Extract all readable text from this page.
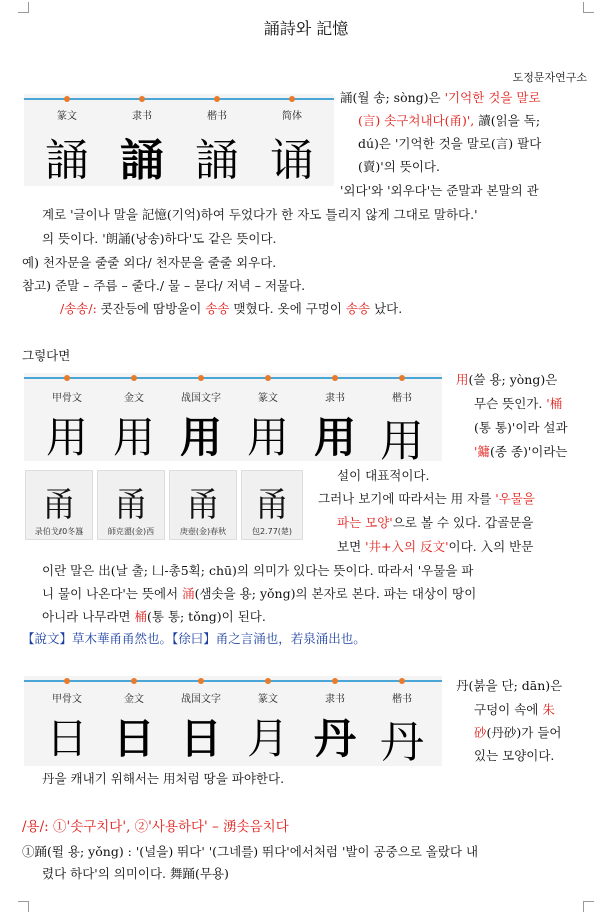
誦詩와 記憶
도정문자연구소
篆文	隶书	楷书	简体
誦 誦 誦 诵
誦(월 송; sòng)은 '기억한 것을 말로
(言) 솟구쳐내다(甬)', 讀(읽을 독;
dú)은 '기억한 것을 말로(言) 팔다
(賣)'의 뜻이다.
'외다'와 '외우다'는 준말과 본말의 관
계로 '글이나 말을 記憶(기억)하여 두었다가 한 자도 틀리지 않게 그대로 말하다.'
의 뜻이다. '朗誦(낭송)하다'도 같은 뜻이다.
예) 천자문을 줄줄 외다/ 천자문을 줄줄 외우다.
참고) 준말 – 주름 – 줄다./ 물 – 묻다/ 저녁 – 저물다.
/송송/: 콧잔등에 땀방울이 송송 맺혔다. 옷에 구멍이 송송 났다.
그렇다면
甲骨文	金文	战国文字	篆文	隶书	楷书
用 用 用 用 用 用
甬
录伯戈ℓ0冬簋
甬
師克盨(金)西
甬
庚壺(金)春秋
甬
包2.77(楚)
用(쓸 용; yòng)은
무슨 뜻인가. '桶
(통 통)'이라 설과
'鏞(종 종)'이라는
설이 대표적이다.
그러나 보기에 따라서는 用 자를 '우물을
파는 모양'으로 볼 수 있다. 갑골문을
보면 '井+入의 反文'이다. 入의 반문
이란 말은 出(날 출; 凵-총5획; chū)의 의미가 있다는 뜻이다. 따라서 '우물을 파
니 물이 나온다'는 뜻에서 涌(샘솟을 용; yǒng)의 본자로 본다. 파는 대상이 땅이
아니라 나무라면 桶(통 통; tǒng)이 된다.
【說文】草木華甬甬然也。【徐曰】甬之言涌也，若泉涌出也。
甲骨文	金文	战国文字	篆文	隶书	楷书
⽇ 日 日 月 丹 丹
丹(붉을 단; dān)은
구덩이 속에 朱
砂(丹砂)가 들어
있는 모양이다.
丹을 캐내기 위해서는 用처럼 땅을 파야한다.
/용/: ①'솟구치다', ②'사용하다' – 湧솟음치다
①踊(뛸 용; yǒng) : '(널을) 뛰다' '(그네를) 뛰다'에서처럼 '발이 공중으로 올랐다 내
렸다 하다'의 의미이다. 舞踊(무용)
